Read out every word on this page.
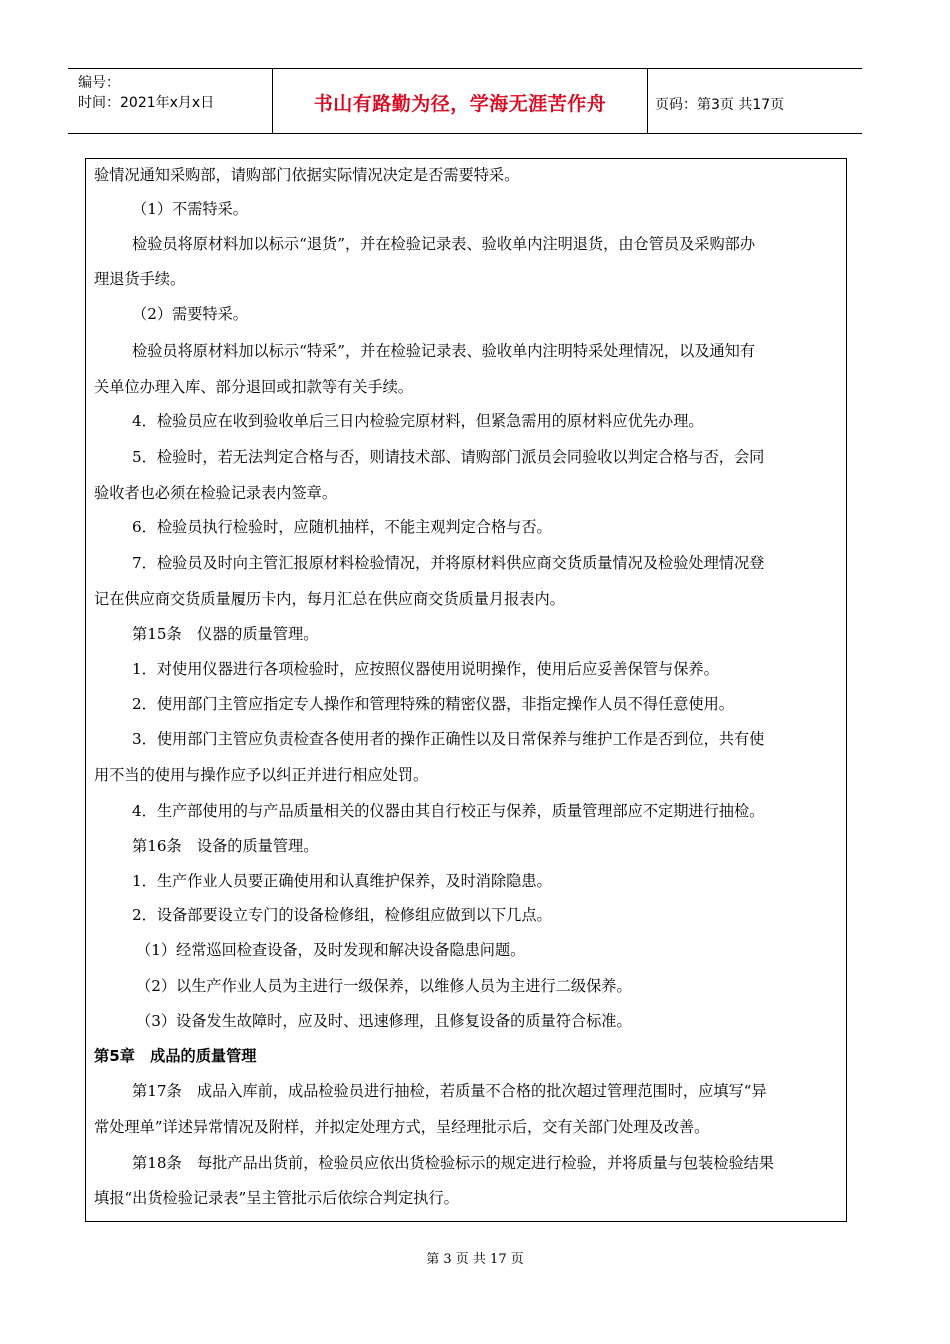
编号：
时间：2021年x月x日	书山有路勤为径，学海无涯苦作舟	页码：第3页 共17页
验情况通知采购部，请购部门依据实际情况决定是否需要特采。
（1）不需特采。
检验员将原材料加以标示“退货”，并在检验记录表、验收单内注明退货，由仓管员及采购部办
理退货手续。
（2）需要特采。
检验员将原材料加以标示“特采”，并在检验记录表、验收单内注明特采处理情况，以及通知有
关单位办理入库、部分退回或扣款等有关手续。
4．检验员应在收到验收单后三日内检验完原材料，但紧急需用的原材料应优先办理。
5．检验时，若无法判定合格与否，则请技术部、请购部门派员会同验收以判定合格与否，会同
验收者也必须在检验记录表内签章。
6．检验员执行检验时，应随机抽样，不能主观判定合格与否。
7．检验员及时向主管汇报原材料检验情况，并将原材料供应商交货质量情况及检验处理情况登
记在供应商交货质量履历卡内，每月汇总在供应商交货质量月报表内。
第15条　仪器的质量管理。
1．对使用仪器进行各项检验时，应按照仪器使用说明操作，使用后应妥善保管与保养。
2．使用部门主管应指定专人操作和管理特殊的精密仪器，非指定操作人员不得任意使用。
3．使用部门主管应负责检查各使用者的操作正确性以及日常保养与维护工作是否到位，共有使
用不当的使用与操作应予以纠正并进行相应处罚。
4．生产部使用的与产品质量相关的仪器由其自行校正与保养，质量管理部应不定期进行抽检。
第16条　设备的质量管理。
1．生产作业人员要正确使用和认真维护保养，及时消除隐患。
2．设备部要设立专门的设备检修组，检修组应做到以下几点。
（1）经常巡回检查设备，及时发现和解决设备隐患问题。
（2）以生产作业人员为主进行一级保养，以维修人员为主进行二级保养。
（3）设备发生故障时，应及时、迅速修理，且修复设备的质量符合标准。
第5章　成品的质量管理
第17条　成品入库前，成品检验员进行抽检，若质量不合格的批次超过管理范围时，应填写“异
常处理单”详述异常情况及附样，并拟定处理方式，呈经理批示后，交有关部门处理及改善。
第18条　每批产品出货前，检验员应依出货检验标示的规定进行检验，并将质量与包装检验结果
填报“出货检验记录表”呈主管批示后依综合判定执行。
第 3 页 共 17 页
